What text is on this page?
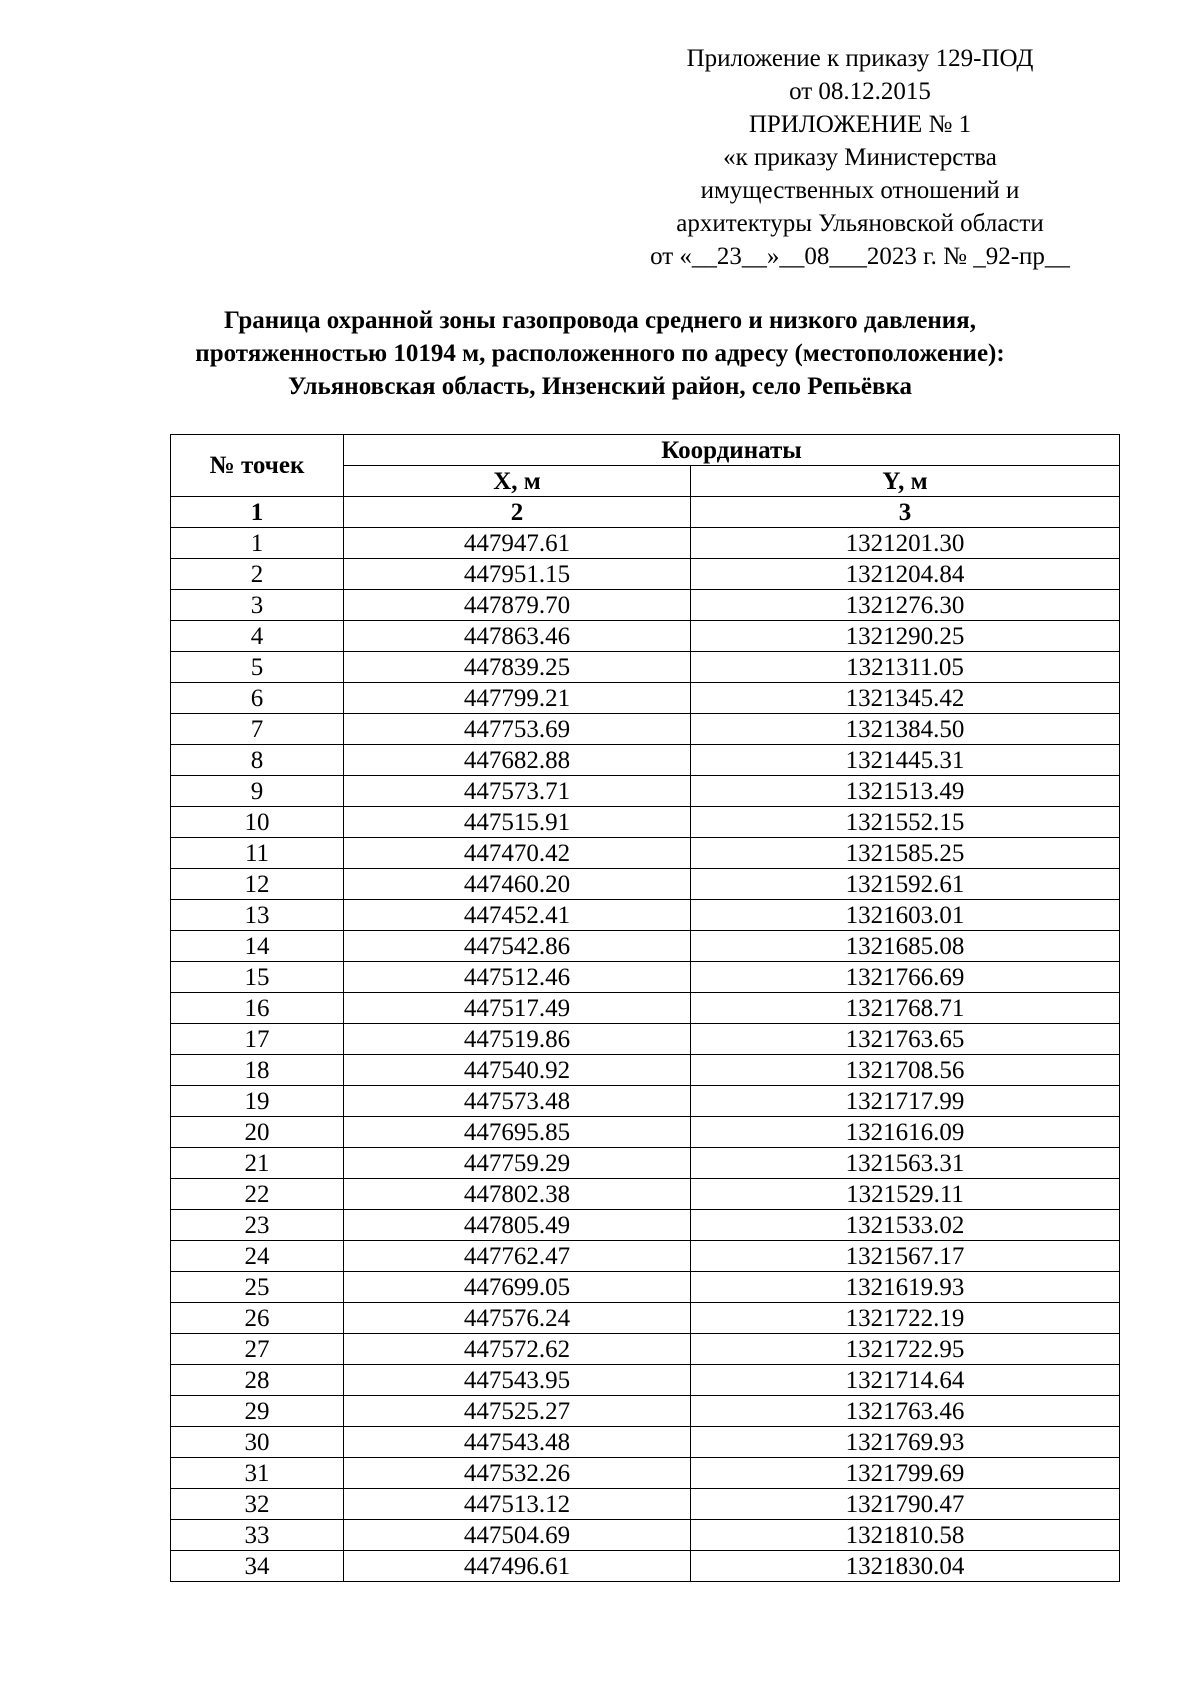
Приложение к приказу 129-ПОД
от 08.12.2015
ПРИЛОЖЕНИЕ № 1
«к приказу Министерства
имущественных отношений и
архитектуры Ульяновской области
от «__23__»__08___2023 г. № _92-пр__
Граница охранной зоны газопровода среднего и низкого давления,
протяженностью 10194 м, расположенного по адресу (местоположение):
Ульяновская область, Инзенский район, село Репьёвка
№ точек	Координаты	
	X, м	Y, м
1	2	3
1	447947.61	1321201.30
2	447951.15	1321204.84
3	447879.70	1321276.30
4	447863.46	1321290.25
5	447839.25	1321311.05
6	447799.21	1321345.42
7	447753.69	1321384.50
8	447682.88	1321445.31
9	447573.71	1321513.49
10	447515.91	1321552.15
11	447470.42	1321585.25
12	447460.20	1321592.61
13	447452.41	1321603.01
14	447542.86	1321685.08
15	447512.46	1321766.69
16	447517.49	1321768.71
17	447519.86	1321763.65
18	447540.92	1321708.56
19	447573.48	1321717.99
20	447695.85	1321616.09
21	447759.29	1321563.31
22	447802.38	1321529.11
23	447805.49	1321533.02
24	447762.47	1321567.17
25	447699.05	1321619.93
26	447576.24	1321722.19
27	447572.62	1321722.95
28	447543.95	1321714.64
29	447525.27	1321763.46
30	447543.48	1321769.93
31	447532.26	1321799.69
32	447513.12	1321790.47
33	447504.69	1321810.58
34	447496.61	1321830.04
